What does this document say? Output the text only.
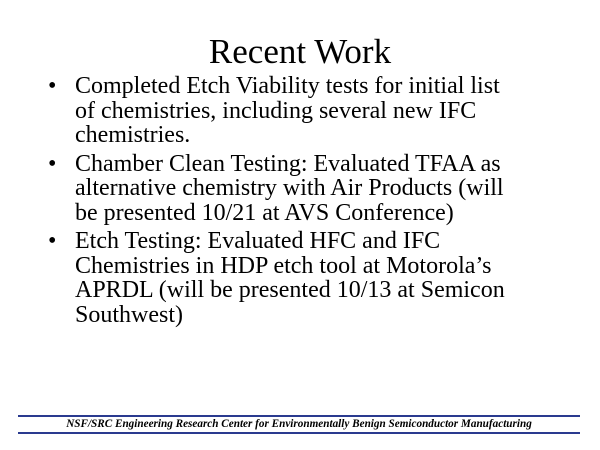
Recent Work
• Completed Etch Viability tests for initial list
of chemistries, including several new IFC
chemistries.
• Chamber Clean Testing: Evaluated TFAA as
alternative chemistry with Air Products (will
be presented 10/21 at AVS Conference)
• Etch Testing: Evaluated HFC and IFC
Chemistries in HDP etch tool at Motorola’s
APRDL (will be presented 10/13 at Semicon
Southwest)
NSF/SRC Engineering Research Center for Environmentally Benign Semiconductor Manufacturing
